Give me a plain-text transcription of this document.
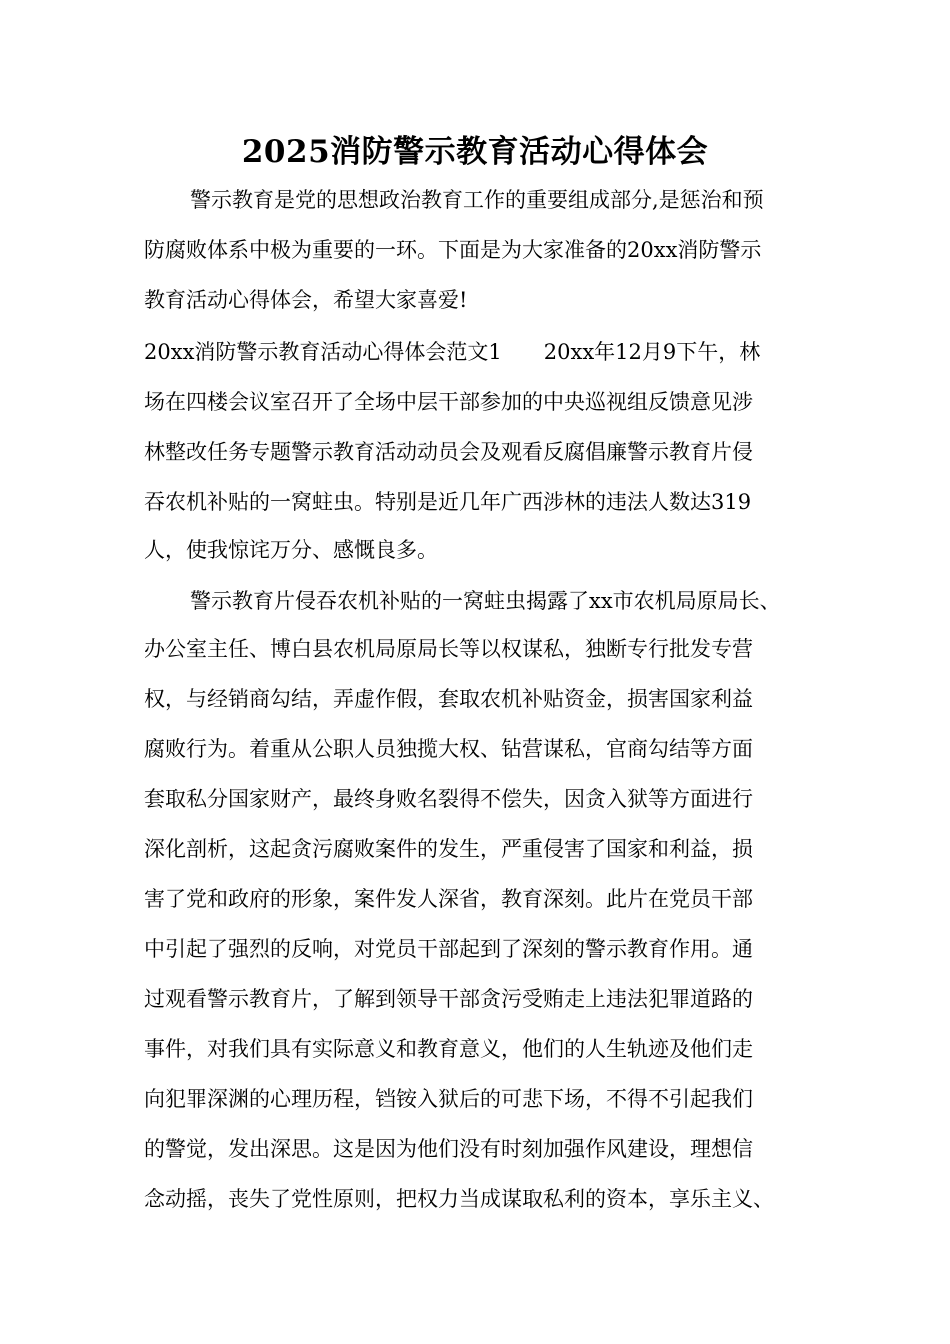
2025消防警示教育活动心得体会

警示教育是党的思想政治教育工作的重要组成部分,是惩治和预

防腐败体系中极为重要的一环。下面是为大家准备的20xx消防警示

教育活动心得体会，希望大家喜爱!

20xx消防警示教育活动心得体会范文1　　20xx年12月9下午，林

场在四楼会议室召开了全场中层干部参加的中央巡视组反馈意见涉

林整改任务专题警示教育活动动员会及观看反腐倡廉警示教育片侵

吞农机补贴的一窝蛀虫。特别是近几年广西涉林的违法人数达319

人，使我惊诧万分、感慨良多。

警示教育片侵吞农机补贴的一窝蛀虫揭露了xx市农机局原局长、

办公室主任、博白县农机局原局长等以权谋私，独断专行批发专营

权，与经销商勾结，弄虚作假，套取农机补贴资金，损害国家利益

腐败行为。着重从公职人员独揽大权、钻营谋私，官商勾结等方面

套取私分国家财产，最终身败名裂得不偿失，因贪入狱等方面进行

深化剖析，这起贪污腐败案件的发生，严重侵害了国家和利益，损

害了党和政府的形象，案件发人深省，教育深刻。此片在党员干部

中引起了强烈的反响，对党员干部起到了深刻的警示教育作用。通

过观看警示教育片，了解到领导干部贪污受贿走上违法犯罪道路的

事件，对我们具有实际意义和教育意义，他们的人生轨迹及他们走

向犯罪深渊的心理历程，铛铵入狱后的可悲下场，不得不引起我们

的警觉，发出深思。这是因为他们没有时刻加强作风建设，理想信

念动摇，丧失了党性原则，把权力当成谋取私利的资本，享乐主义、
